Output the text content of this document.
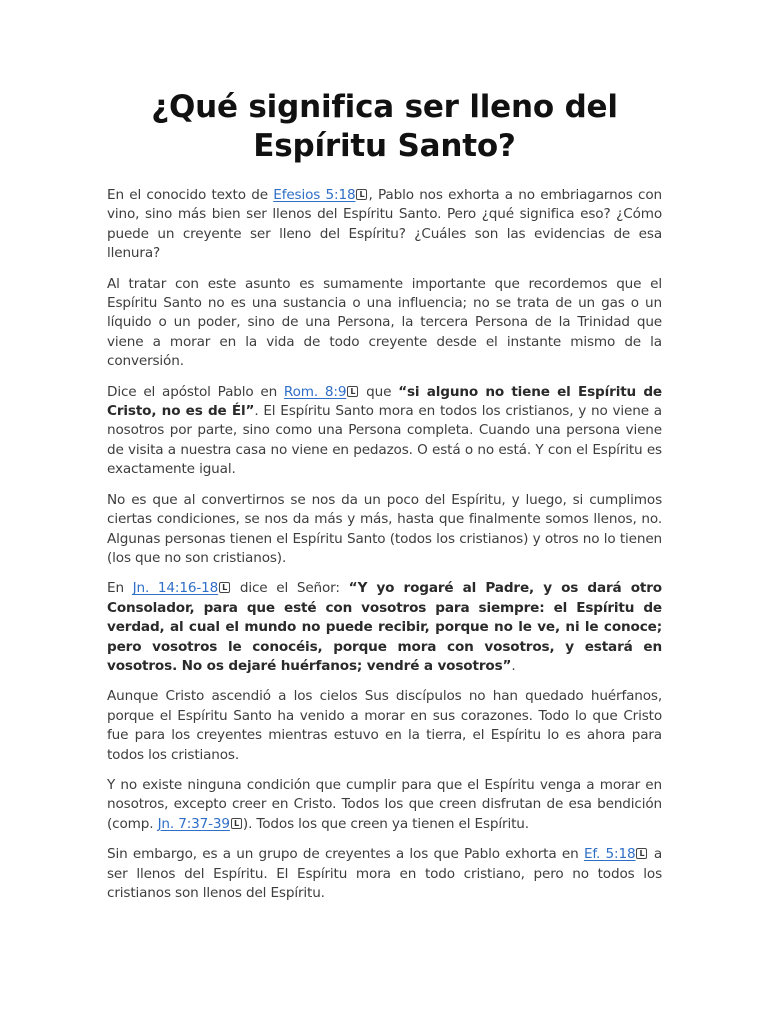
¿Qué significa ser lleno del
Espíritu Santo?

En el conocido texto de Efesios 5:18 L , Pablo nos exhorta a no embriagarnos con vino, sino más bien ser llenos del Espíritu Santo. Pero ¿qué significa eso? ¿Cómo puede un creyente ser lleno del Espíritu? ¿Cuáles son las evidencias de esa llenura?

Al tratar con este asunto es sumamente importante que recordemos que el Espíritu Santo no es una sustancia o una influencia; no se trata de un gas o un líquido o un poder, sino de una Persona, la tercera Persona de la Trinidad que viene a morar en la vida de todo creyente desde el instante mismo de la conversión.

Dice el apóstol Pablo en Rom. 8:9 L que “si alguno no tiene el Espíritu de Cristo, no es de Él”. El Espíritu Santo mora en todos los cristianos, y no viene a nosotros por parte, sino como una Persona completa. Cuando una persona viene de visita a nuestra casa no viene en pedazos. O está o no está. Y con el Espíritu es exactamente igual.

No es que al convertirnos se nos da un poco del Espíritu, y luego, si cumplimos ciertas condiciones, se nos da más y más, hasta que finalmente somos llenos, no. Algunas personas tienen el Espíritu Santo (todos los cristianos) y otros no lo tienen (los que no son cristianos).

En Jn. 14:16-18 L dice el Señor: “Y yo rogaré al Padre, y os dará otro Consolador, para que esté con vosotros para siempre: el Espíritu de verdad, al cual el mundo no puede recibir, porque no le ve, ni le conoce; pero vosotros le conocéis, porque mora con vosotros, y estará en vosotros. No os dejaré huérfanos; vendré a vosotros”.

Aunque Cristo ascendió a los cielos Sus discípulos no han quedado huérfanos, porque el Espíritu Santo ha venido a morar en sus corazones. Todo lo que Cristo fue para los creyentes mientras estuvo en la tierra, el Espíritu lo es ahora para todos los cristianos.

Y no existe ninguna condición que cumplir para que el Espíritu venga a morar en nosotros, excepto creer en Cristo. Todos los que creen disfrutan de esa bendición (comp. Jn. 7:37-39 L ). Todos los que creen ya tienen el Espíritu.

Sin embargo, es a un grupo de creyentes a los que Pablo exhorta en Ef. 5:18 L a ser llenos del Espíritu. El Espíritu mora en todo cristiano, pero no todos los cristianos son llenos del Espíritu.
